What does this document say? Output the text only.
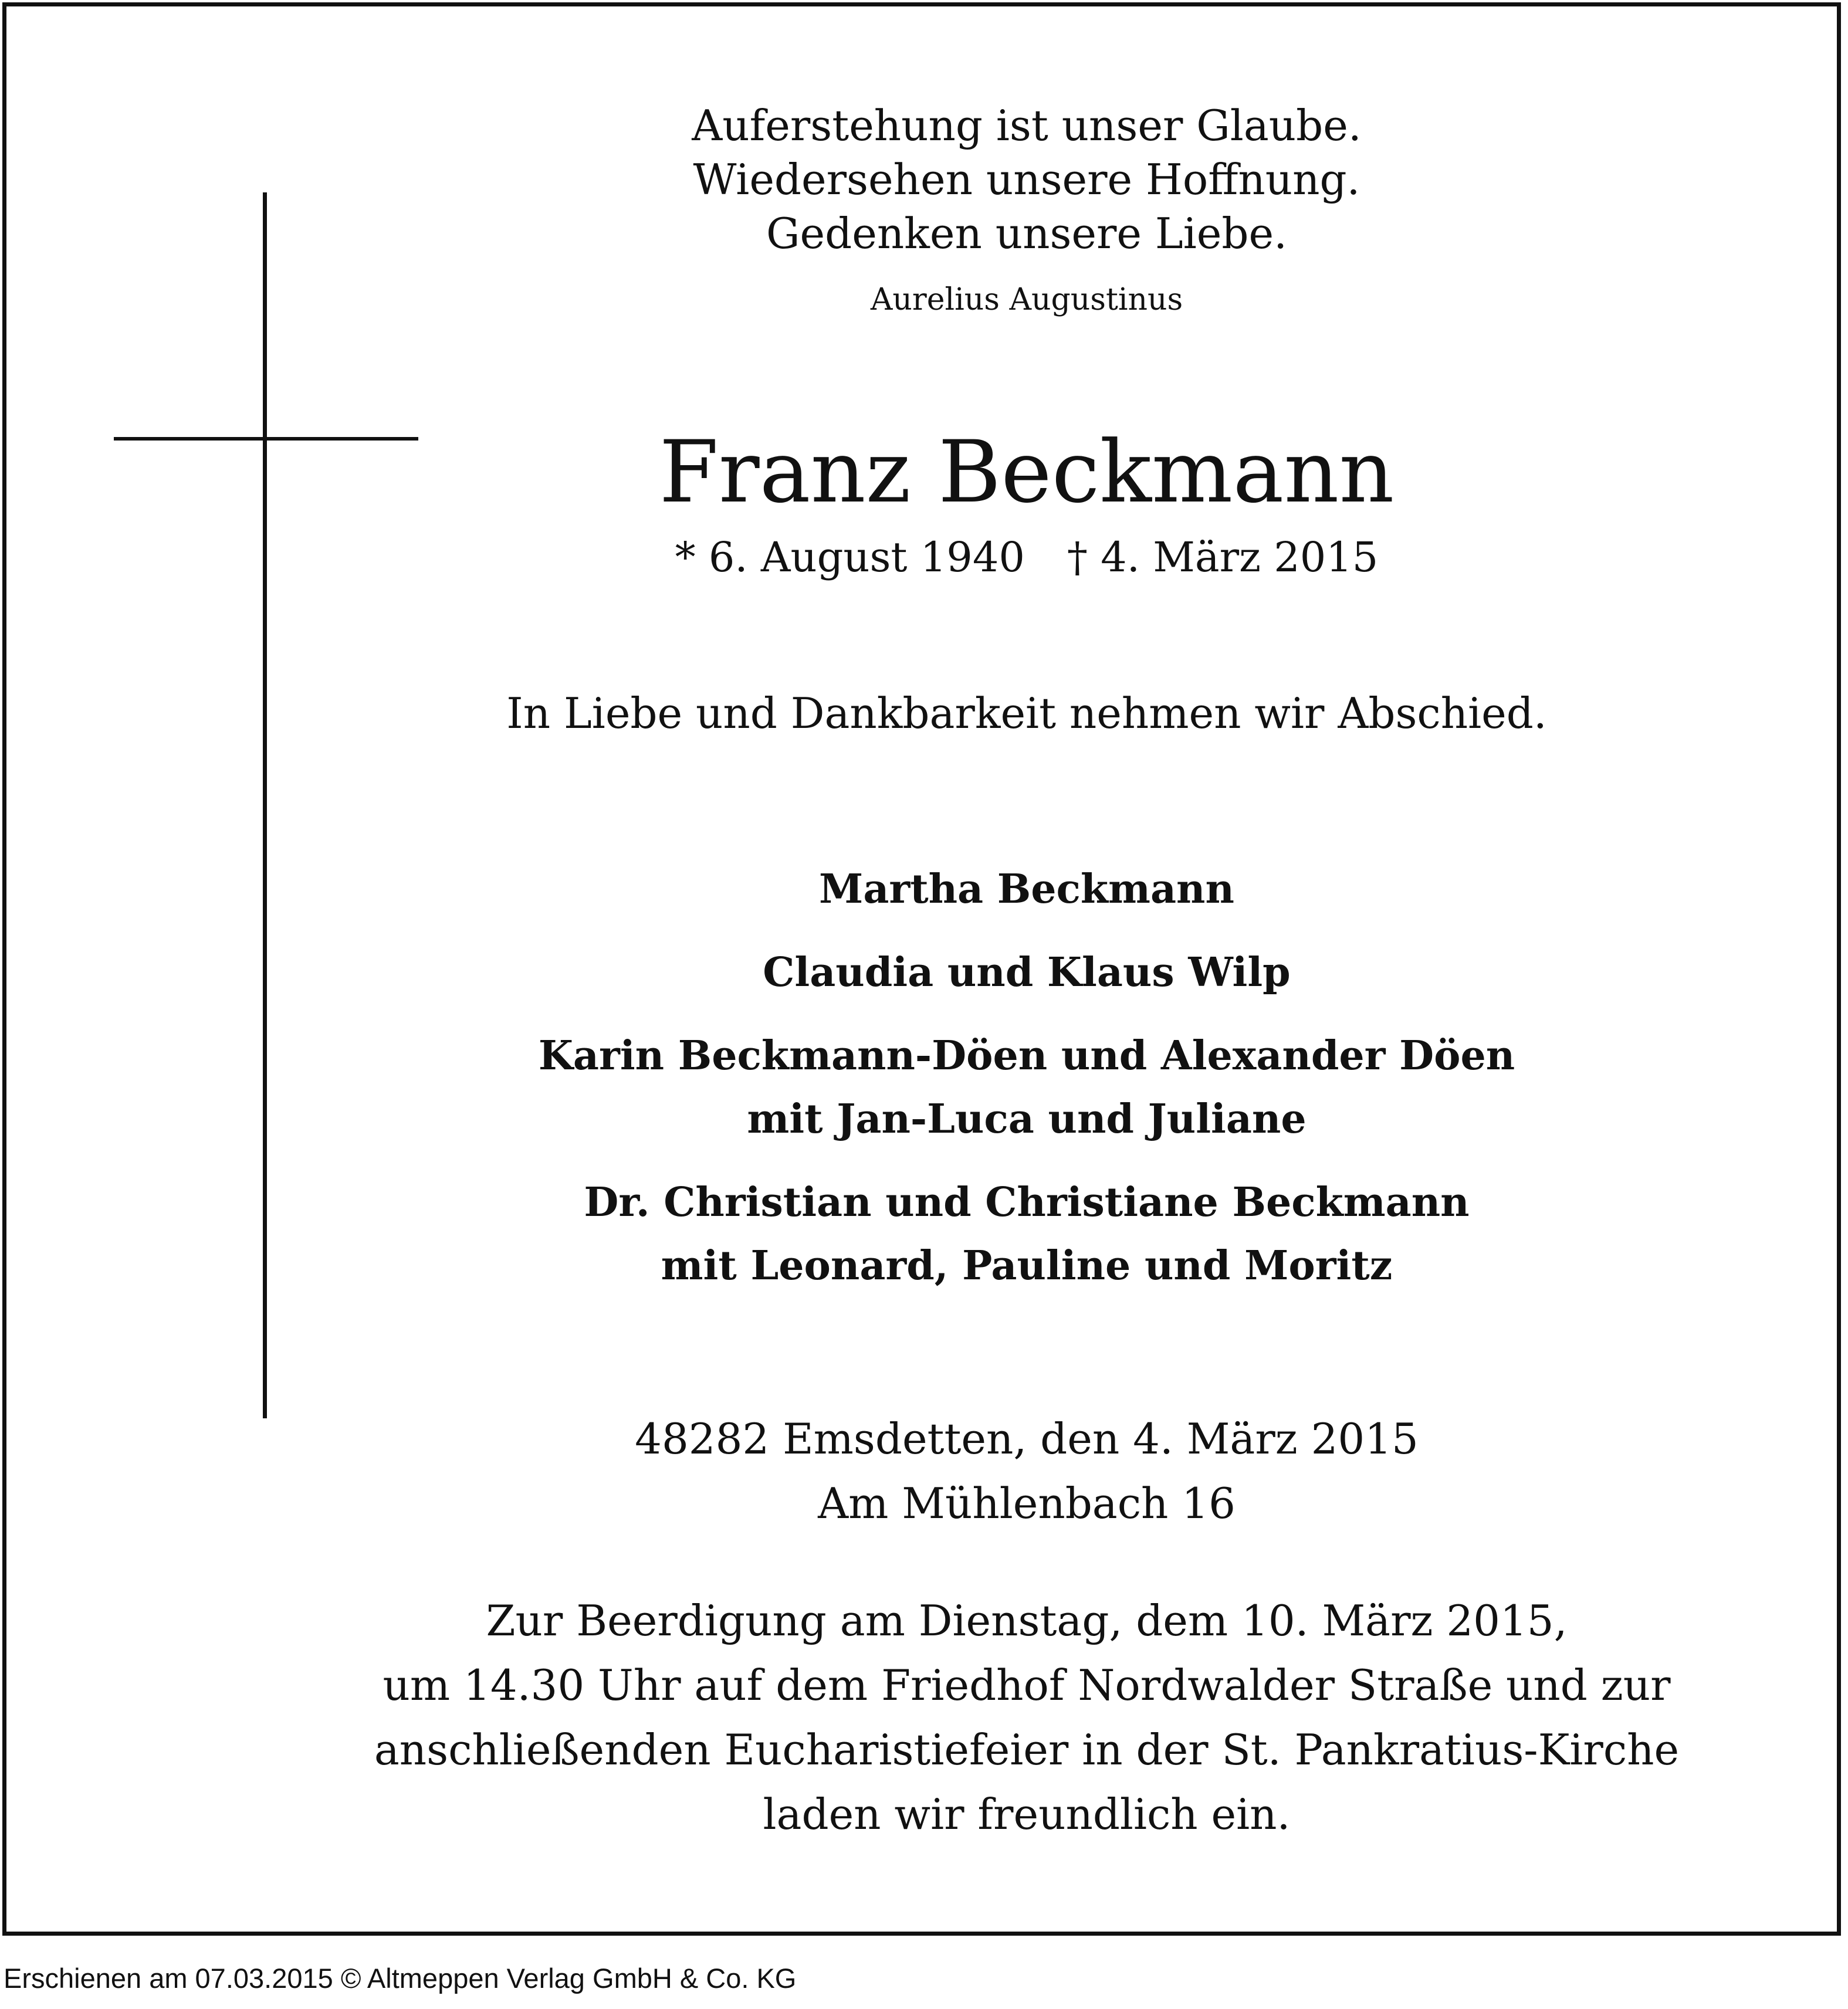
Auferstehung ist unser Glaube.
Wiedersehen unsere Hoffnung.
Gedenken unsere Liebe.
Aurelius Augustinus
Franz Beckmann
* 6. August 1940 † 4. März 2015
In Liebe und Dankbarkeit nehmen wir Abschied.
Martha Beckmann
Claudia und Klaus Wilp
Karin Beckmann-Döen und Alexander Döen
mit Jan-Luca und Juliane
Dr. Christian und Christiane Beckmann
mit Leonard, Pauline und Moritz
48282 Emsdetten, den 4. März 2015
Am Mühlenbach 16
Zur Beerdigung am Dienstag, dem 10. März 2015,
um 14.30 Uhr auf dem Friedhof Nordwalder Straße und zur
anschließenden Eucharistiefeier in der St. Pankratius-Kirche
laden wir freundlich ein.
Erschienen am 07.03.2015 © Altmeppen Verlag GmbH & Co. KG
